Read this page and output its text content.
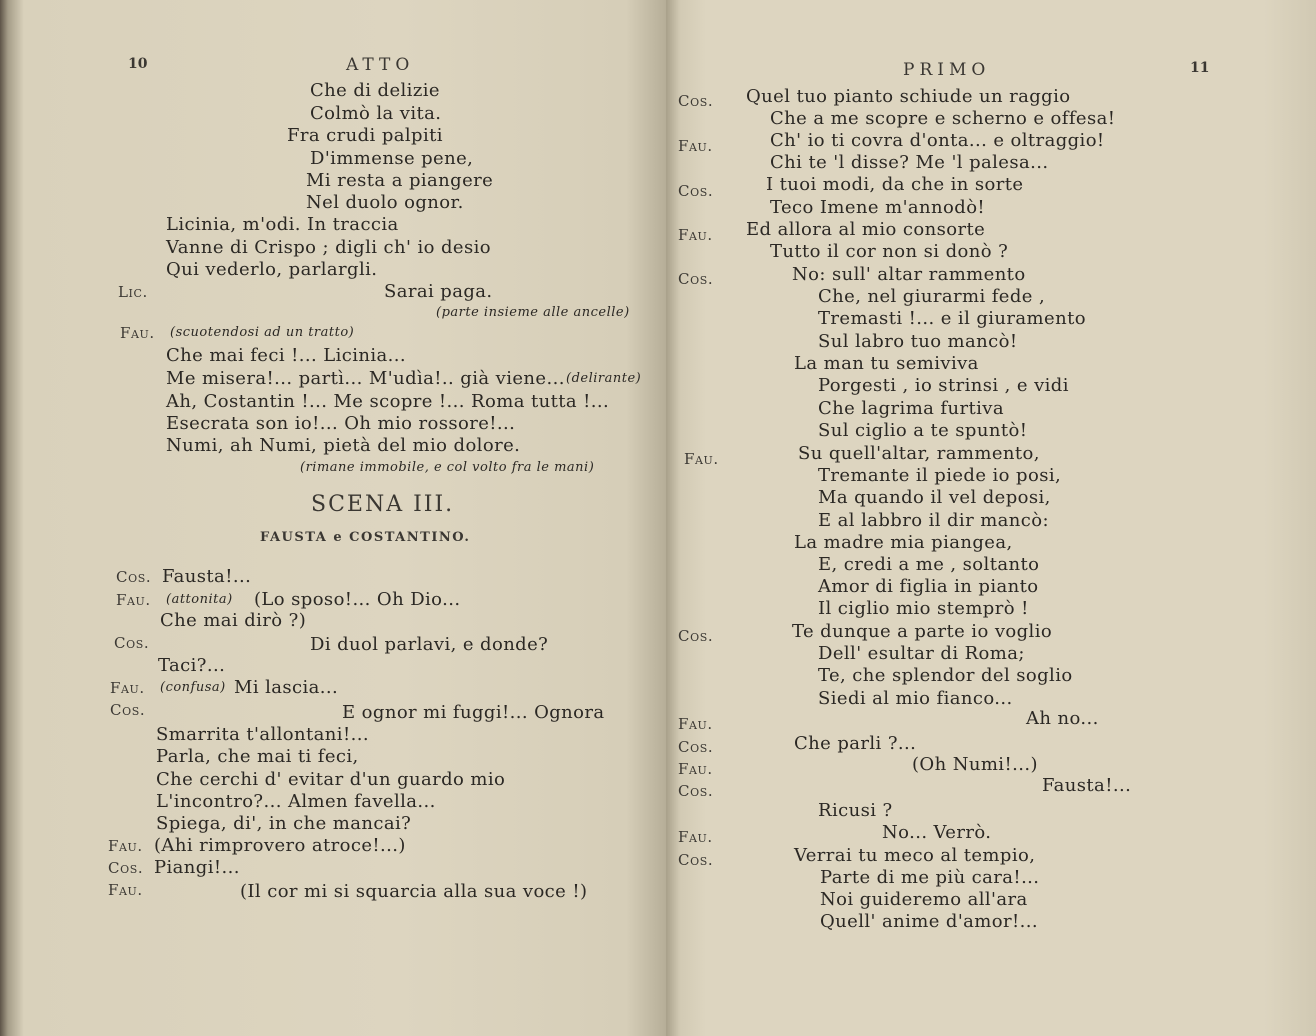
10	ATTO
Che di delizie
Colmò la vita.
Fra crudi palpiti
D'immense pene,
Mi resta a piangere
Nel duolo ognor.
Licinia, m'odi. In traccia
Vanne di Crispo ; digli ch' io desio
Qui vederlo, parlargli.
Lic.	Sarai paga.
(parte insieme alle ancelle)
Fau. (scuotendosi ad un tratto)
Che mai feci !... Licinia...
Me misera!... partì... M'udìa!.. già viene... (delirante)
Ah, Costantin !... Me scopre !... Roma tutta !...
Esecrata son io!... Oh mio rossore!...
Numi, ah Numi, pietà del mio dolore.
(rimane immobile, e col volto fra le mani)
SCENA III.
FAUSTA e COSTANTINO.
Cos. Fausta!...
Fau. (attonita) (Lo sposo!... Oh Dio...
Che mai dirò ?)
Cos.	Di duol parlavi, e donde?
Taci?...
Fau. (confusa) Mi lascia...
Cos.	E ognor mi fuggi!... Ognora
Smarrita t'allontani!...
Parla, che mai ti feci,
Che cerchi d' evitar d'un guardo mio
L'incontro?... Almen favella...
Spiega, di', in che mancai?
Fau. (Ahi rimprovero atroce!...)
Cos. Piangi!...
Fau.	(Il cor mi si squarcia alla sua voce !)
PRIMO	11
Cos. Quel tuo pianto schiude un raggio
Che a me scopre e scherno e offesa!
Fau.	Ch' io ti covra d'onta... e oltraggio!
Chi te 'l disse? Me 'l palesa...
Cos.	I tuoi modi, da che in sorte
Teco Imene m'annodò!
Fau. Ed allora al mio consorte
Tutto il cor non si donò ?
Cos.	No: sull' altar rammento
Che, nel giurarmi fede ,
Tremasti !... e il giuramento
Sul labro tuo mancò!
La man tu semiviva
Porgesti , io strinsi , e vidi
Che lagrima furtiva
Sul ciglio a te spuntò!
Fau.	Su quell'altar, rammento,
Tremante il piede io posi,
Ma quando il vel deposi,
E al labbro il dir mancò:
La madre mia piangea,
E, credi a me , soltanto
Amor di figlia in pianto
Il ciglio mio stemprò !
Cos.	Te dunque a parte io voglio
Dell' esultar di Roma;
Te, che splendor del soglio
Siedi al mio fianco...
Fau.	Ah no...
Cos.	Che parli ?...
Fau.	(Oh Numi!...)
Cos.	Fausta!...
Ricusi ?
Fau.	No... Verrò.
Cos.	Verrai tu meco al tempio,
Parte di me più cara!...
Noi guideremo all'ara
Quell' anime d'amor!...
